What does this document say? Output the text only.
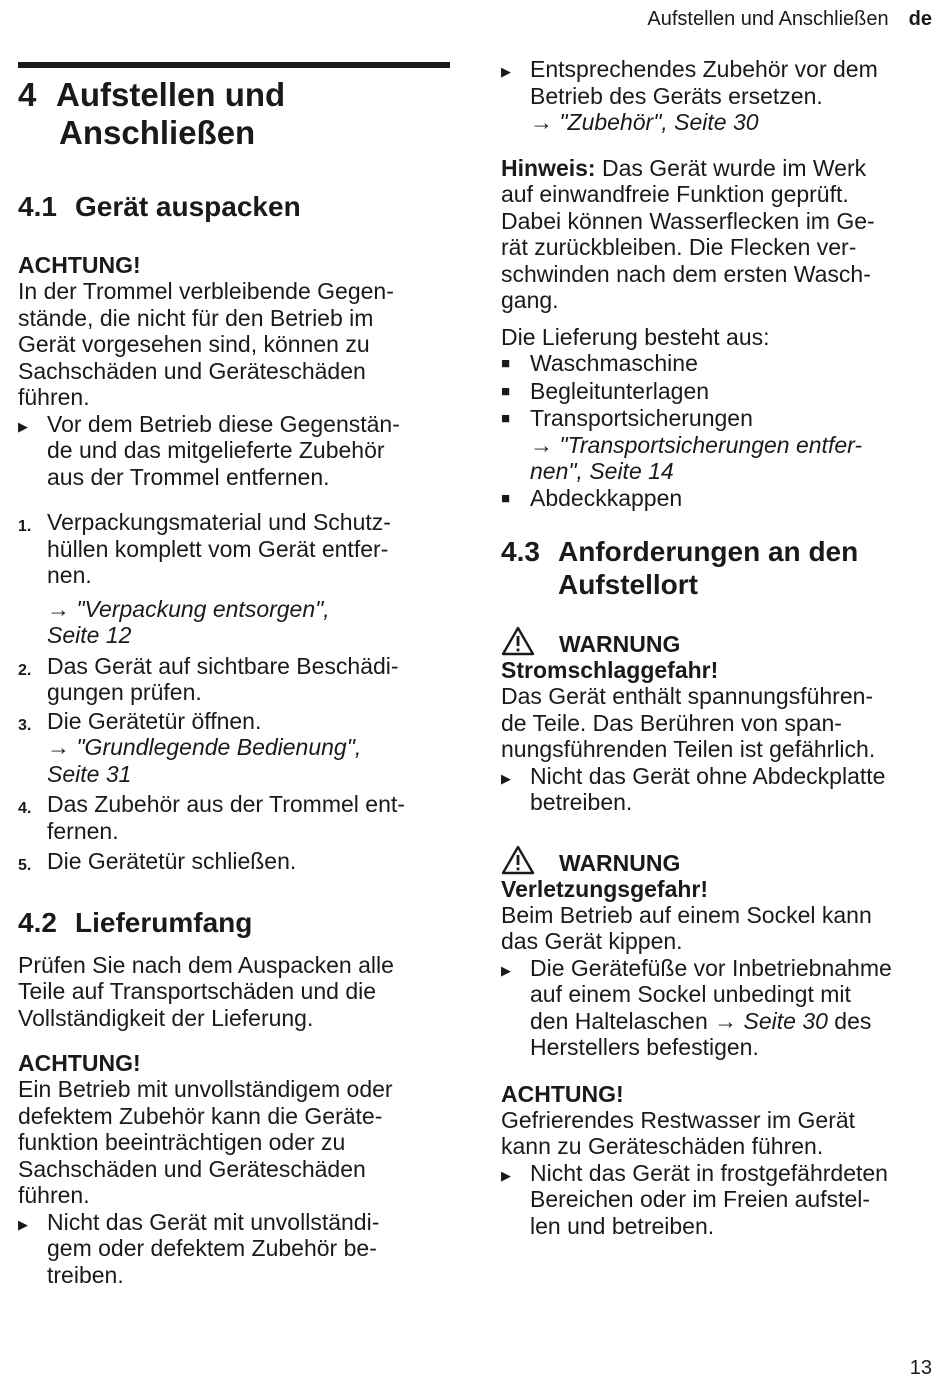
Aufstellen und Anschließen de
4 Aufstellen und
Anschließen
4.1 Gerät auspacken
ACHTUNG!
In der Trommel verbleibende Gegen-
stände, die nicht für den Betrieb im
Gerät vorgesehen sind, können zu
Sachschäden und Geräteschäden
führen.
▶ Vor dem Betrieb diese Gegenstän-
de und das mitgelieferte Zubehör
aus der Trommel entfernen.
1. Verpackungsmaterial und Schutz-
hüllen komplett vom Gerät entfer-
nen.
→ "Verpackung entsorgen",
Seite 12
2. Das Gerät auf sichtbare Beschädi-
gungen prüfen.
3. Die Gerätetür öffnen.
→ "Grundlegende Bedienung",
Seite 31
4. Das Zubehör aus der Trommel ent-
fernen.
5. Die Gerätetür schließen.
4.2 Lieferumfang
Prüfen Sie nach dem Auspacken alle
Teile auf Transportschäden und die
Vollständigkeit der Lieferung.
ACHTUNG!
Ein Betrieb mit unvollständigem oder
defektem Zubehör kann die Geräte-
funktion beeinträchtigen oder zu
Sachschäden und Geräteschäden
führen.
▶ Nicht das Gerät mit unvollständi-
gem oder defektem Zubehör be-
treiben.
▶ Entsprechendes Zubehör vor dem
Betrieb des Geräts ersetzen.
→ "Zubehör", Seite 30
Hinweis: Das Gerät wurde im Werk
auf einwandfreie Funktion geprüft.
Dabei können Wasserflecken im Ge-
rät zurückbleiben. Die Flecken ver-
schwinden nach dem ersten Wasch-
gang.
Die Lieferung besteht aus:
■ Waschmaschine
■ Begleitunterlagen
■ Transportsicherungen
→ "Transportsicherungen entfer-
nen", Seite 14
■ Abdeckkappen
4.3 Anforderungen an den
Aufstellort
WARNUNG
Stromschlaggefahr!
Das Gerät enthält spannungsführen-
de Teile. Das Berühren von span-
nungsführenden Teilen ist gefährlich.
▶ Nicht das Gerät ohne Abdeckplatte
betreiben.
WARNUNG
Verletzungsgefahr!
Beim Betrieb auf einem Sockel kann
das Gerät kippen.
▶ Die Gerätefüße vor Inbetriebnahme
auf einem Sockel unbedingt mit
den Haltelaschen → Seite 30 des
Herstellers befestigen.
ACHTUNG!
Gefrierendes Restwasser im Gerät
kann zu Geräteschäden führen.
▶ Nicht das Gerät in frostgefährdeten
Bereichen oder im Freien aufstel-
len und betreiben.
13
